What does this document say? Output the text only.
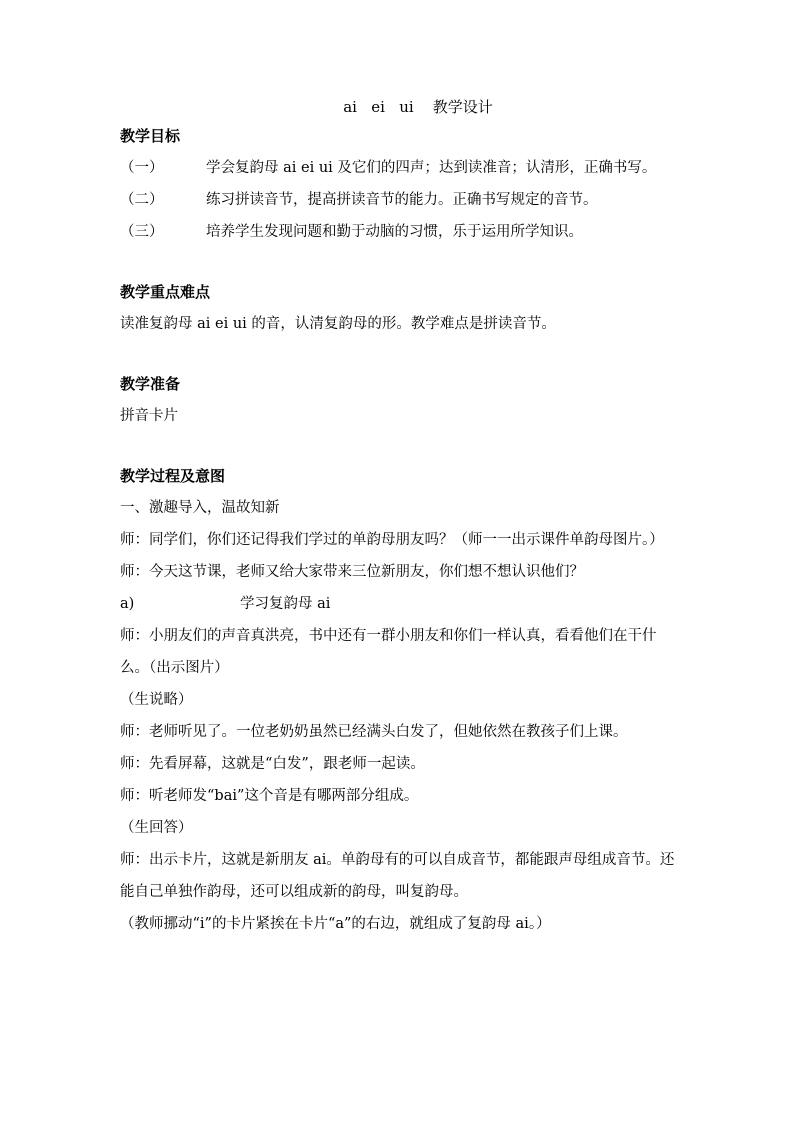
ai   ei   ui    教学设计
教学目标
（一）	学会复韵母 ai ei ui 及它们的四声；达到读准音；认清形，正确书写。
（二）	练习拼读音节，提高拼读音节的能力。正确书写规定的音节。
（三）	培养学生发现问题和勤于动脑的习惯，乐于运用所学知识。
教学重点难点
读准复韵母 ai ei ui 的音，认清复韵母的形。教学难点是拼读音节。
教学准备
拼音卡片
教学过程及意图
一、激趣导入，温故知新
师：同学们，你们还记得我们学过的单韵母朋友吗？（师一一出示课件单韵母图片。）
师：今天这节课，老师又给大家带来三位新朋友，你们想不想认识他们？
a)	学习复韵母 ai
师：小朋友们的声音真洪亮，书中还有一群小朋友和你们一样认真，看看他们在干什么。（出示图片）
（生说略）
师：老师听见了。一位老奶奶虽然已经满头白发了，但她依然在教孩子们上课。
师：先看屏幕，这就是“白发”，跟老师一起读。
师：听老师发“bai”这个音是有哪两部分组成。
（生回答）
师：出示卡片，这就是新朋友 ai。单韵母有的可以自成音节，都能跟声母组成音节。还能自己单独作韵母，还可以组成新的韵母，叫复韵母。
（教师挪动“i”的卡片紧挨在卡片“a”的右边，就组成了复韵母 ai。）
